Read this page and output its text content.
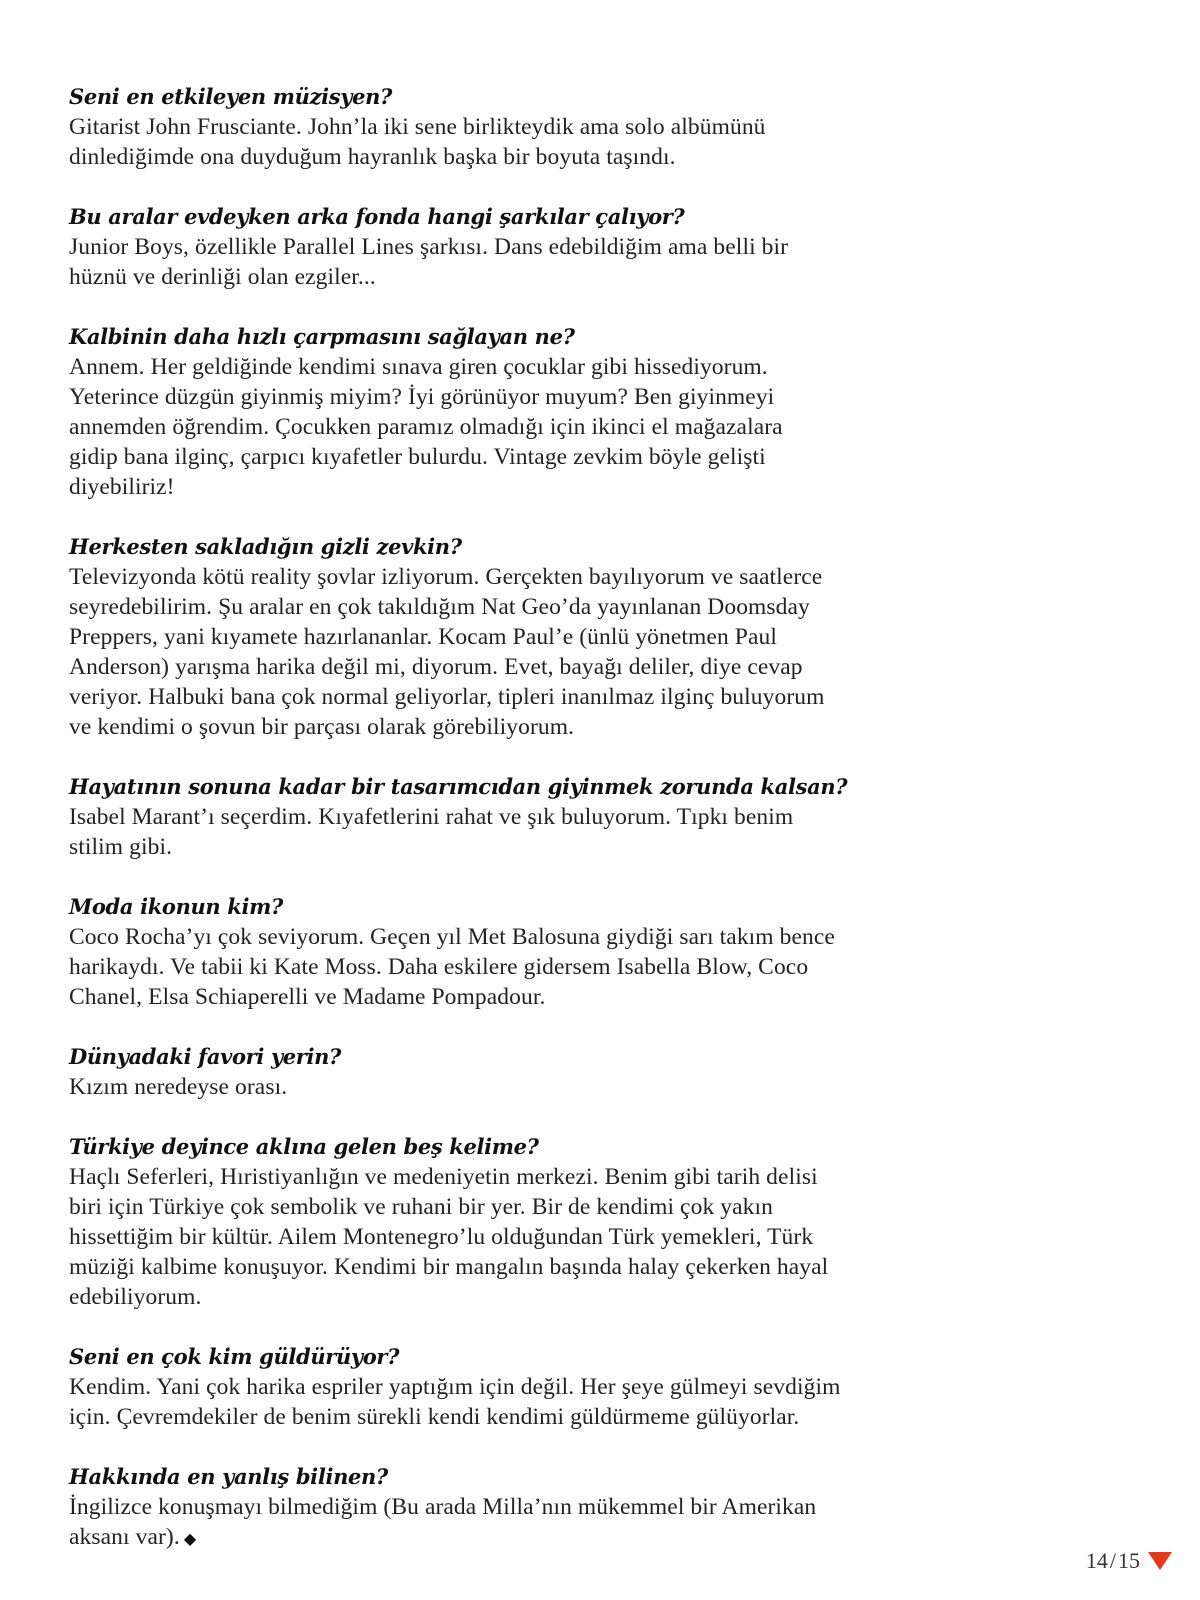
Seni en etkileyen müzisyen?

Gitarist John Frusciante. John’la iki sene birlikteydik ama solo albümünü
dinlediğimde ona duyduğum hayranlık başka bir boyuta taşındı.

Bu aralar evdeyken arka fonda hangi şarkılar çalıyor?

Junior Boys, özellikle Parallel Lines şarkısı. Dans edebildiğim ama belli bir
hüznü ve derinliği olan ezgiler...

Kalbinin daha hızlı çarpmasını sağlayan ne?

Annem. Her geldiğinde kendimi sınava giren çocuklar gibi hissediyorum.
Yeterince düzgün giyinmiş miyim? İyi görünüyor muyum? Ben giyinmeyi
annemden öğrendim. Çocukken paramız olmadığı için ikinci el mağazalara
gidip bana ilginç, çarpıcı kıyafetler bulurdu. Vintage zevkim böyle gelişti
diyebiliriz!

Herkesten sakladığın gizli zevkin?

Televizyonda kötü reality şovlar izliyorum. Gerçekten bayılıyorum ve saatlerce
seyredebilirim. Şu aralar en çok takıldığım Nat Geo’da yayınlanan Doomsday
Preppers, yani kıyamete hazırlananlar. Kocam Paul’e (ünlü yönetmen Paul
Anderson) yarışma harika değil mi, diyorum. Evet, bayağı deliler, diye cevap
veriyor. Halbuki bana çok normal geliyorlar, tipleri inanılmaz ilginç buluyorum
ve kendimi o şovun bir parçası olarak görebiliyorum.

Hayatının sonuna kadar bir tasarımcıdan giyinmek zorunda kalsan?

Isabel Marant’ı seçerdim. Kıyafetlerini rahat ve şık buluyorum. Tıpkı benim
stilim gibi.

Moda ikonun kim?

Coco Rocha’yı çok seviyorum. Geçen yıl Met Balosuna giydiği sarı takım bence
harikaydı. Ve tabii ki Kate Moss. Daha eskilere gidersem Isabella Blow, Coco
Chanel, Elsa Schiaperelli ve Madame Pompadour.

Dünyadaki favori yerin?

Kızım neredeyse orası.

Türkiye deyince aklına gelen beş kelime?

Haçlı Seferleri, Hıristiyanlığın ve medeniyetin merkezi. Benim gibi tarih delisi
biri için Türkiye çok sembolik ve ruhani bir yer. Bir de kendimi çok yakın
hissettiğim bir kültür. Ailem Montenegro’lu olduğundan Türk yemekleri, Türk
müziği kalbime konuşuyor. Kendimi bir mangalın başında halay çekerken hayal
edebiliyorum.

Seni en çok kim güldürüyor?

Kendim. Yani çok harika espriler yaptığım için değil. Her şeye gülmeyi sevdiğim
için. Çevremdekiler de benim sürekli kendi kendimi güldürmeme gülüyorlar.

Hakkında en yanlış bilinen?

İngilizce konuşmayı bilmediğim (Bu arada Milla’nın mükemmel bir Amerikan
aksanı var). ◆

14 / 15
